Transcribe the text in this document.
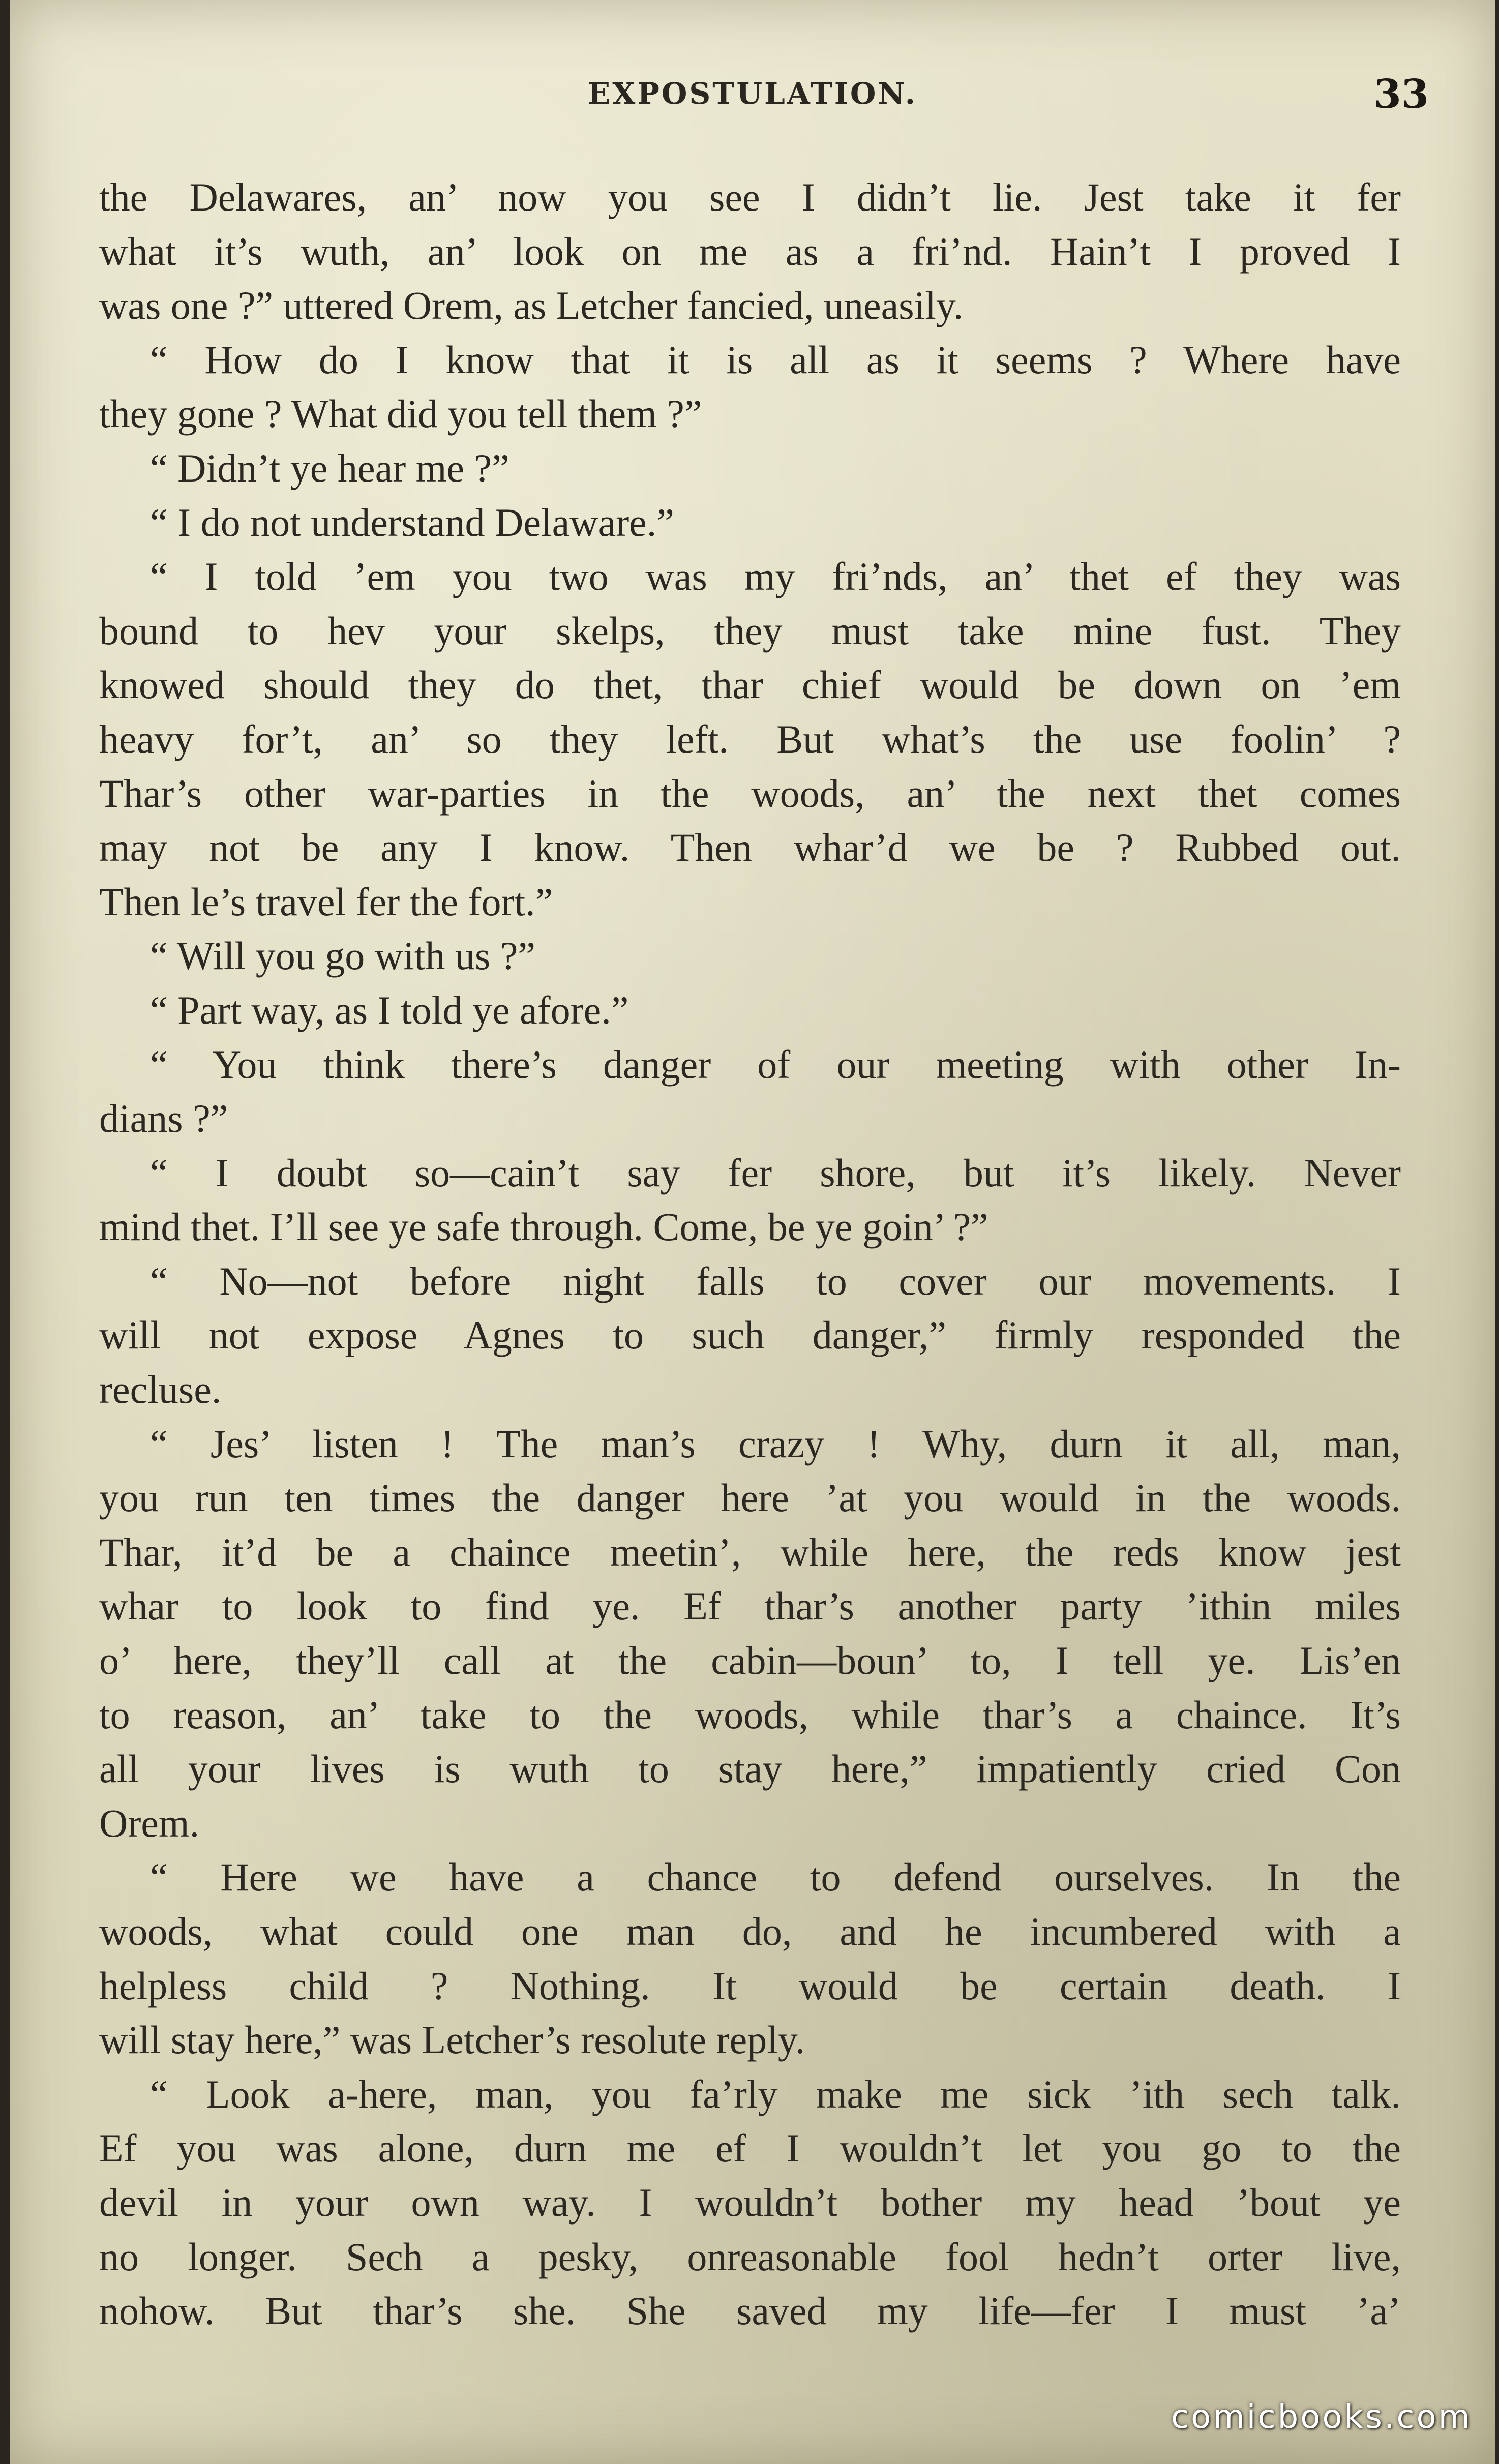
EXPOSTULATION.	33
the Delawares, an’ now you see I didn’t lie. Jest take it fer
what it’s wuth, an’ look on me as a fri’nd. Hain’t I proved I
was one ?” uttered Orem, as Letcher fancied, uneasily.
“ How do I know that it is all as it seems ? Where have
they gone ? What did you tell them ?”
“ Didn’t ye hear me ?”
“ I do not understand Delaware.”
“ I told ’em you two was my fri’nds, an’ thet ef they was
bound to hev your skelps, they must take mine fust. They
knowed should they do thet, thar chief would be down on ’em
heavy for’t, an’ so they left. But what’s the use foolin’ ?
Thar’s other war-parties in the woods, an’ the next thet comes
may not be any I know. Then whar’d we be ? Rubbed out.
Then le’s travel fer the fort.”
“ Will you go with us ?”
“ Part way, as I told ye afore.”
“ You think there’s danger of our meeting with other In-
dians ?”
“ I doubt so—cain’t say fer shore, but it’s likely. Never
mind thet. I’ll see ye safe through. Come, be ye goin’ ?”
“ No—not before night falls to cover our movements. I
will not expose Agnes to such danger,” firmly responded the
recluse.
“ Jes’ listen ! The man’s crazy ! Why, durn it all, man,
you run ten times the danger here ’at you would in the woods.
Thar, it’d be a chaince meetin’, while here, the reds know jest
whar to look to find ye. Ef thar’s another party ’ithin miles
o’ here, they’ll call at the cabin—boun’ to, I tell ye. Lis’en
to reason, an’ take to the woods, while thar’s a chaince. It’s
all your lives is wuth to stay here,” impatiently cried Con
Orem.
“ Here we have a chance to defend ourselves. In the
woods, what could one man do, and he incumbered with a
helpless child ? Nothing. It would be certain death. I
will stay here,” was Letcher’s resolute reply.
“ Look a-here, man, you fa’rly make me sick ’ith sech talk.
Ef you was alone, durn me ef I wouldn’t let you go to the
devil in your own way. I wouldn’t bother my head ’bout ye
no longer. Sech a pesky, onreasonable fool hedn’t orter live,
nohow. But thar’s she. She saved my life—fer I must ’a’
comicbooks.com
